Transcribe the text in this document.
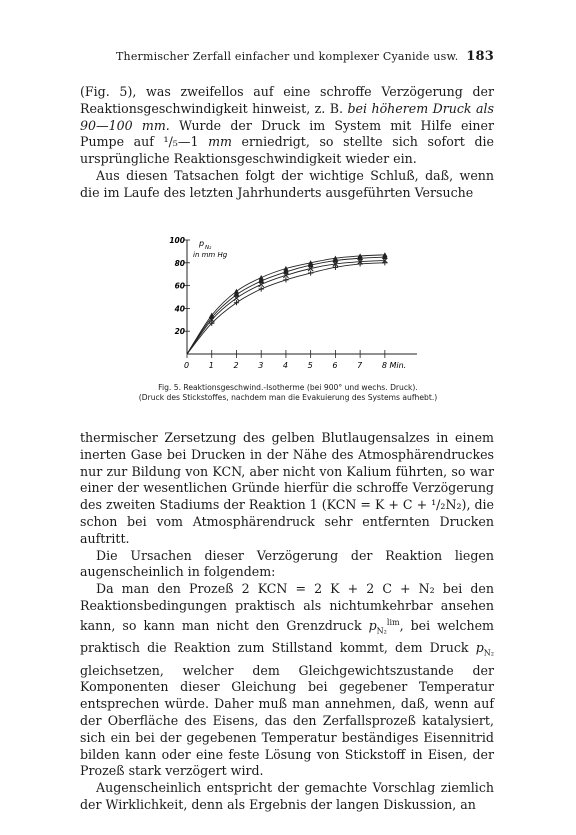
Thermischer Zerfall einfacher und komplexer Cyanide usw. 183

(Fig. 5), was zweifellos auf eine schroffe Verzögerung der Reaktionsgeschwindigkeit hinweist, z. B. bei höherem Druck als 90—100 mm. Wurde der Druck im System mit Hilfe einer Pumpe auf ¹/₅—1 mm erniedrigt, so stellte sich sofort die ursprüngliche Reaktionsgeschwindigkeit wieder ein.

Aus diesen Tatsachen folgt der wichtige Schluß, daß, wenn die im Laufe des letzten Jahrhunderts ausgeführten Versuche

p N₂
in mm Hg
0 1 2 3 4 5 6 7 8 Min.
20
40
60
80
100
Fig. 5. Reaktionsgeschwind.-Isotherme (bei 900° und wechs. Druck).
(Druck des Stickstoffes, nachdem man die Evakuierung des Systems aufhebt.)

thermischer Zersetzung des gelben Blutlaugensalzes in einem inerten Gase bei Drucken in der Nähe des Atmosphärendruckes nur zur Bildung von KCN, aber nicht von Kalium führten, so war einer der wesentlichen Gründe hierfür die schroffe Verzögerung des zweiten Stadiums der Reaktion 1 (KCN = K + C + ¹/₂N₂), die schon bei vom Atmosphärendruck sehr entfernten Drucken auftritt.

Die Ursachen dieser Verzögerung der Reaktion liegen augenscheinlich in folgendem:

Da man den Prozeß 2 KCN = 2 K + 2 C + N₂ bei den Reaktionsbedingungen praktisch als nichtumkehrbar ansehen kann, so kann man nicht den Grenzdruck $p_{N_2}^{lim}$, bei welchem praktisch die Reaktion zum Stillstand kommt, dem Druck $p_{N_2}$ gleichsetzen, welcher dem Gleichgewichtszustande der Komponenten dieser Gleichung bei gegebener Temperatur entsprechen würde. Daher muß man annehmen, daß, wenn auf der Oberfläche des Eisens, das den Zerfallsprozeß katalysiert, sich ein bei der gegebenen Temperatur beständiges Eisennitrid bilden kann oder eine feste Lösung von Stickstoff in Eisen, der Prozeß stark verzögert wird.

Augenscheinlich entspricht der gemachte Vorschlag ziemlich der Wirklichkeit, denn als Ergebnis der langen Diskussion, an
